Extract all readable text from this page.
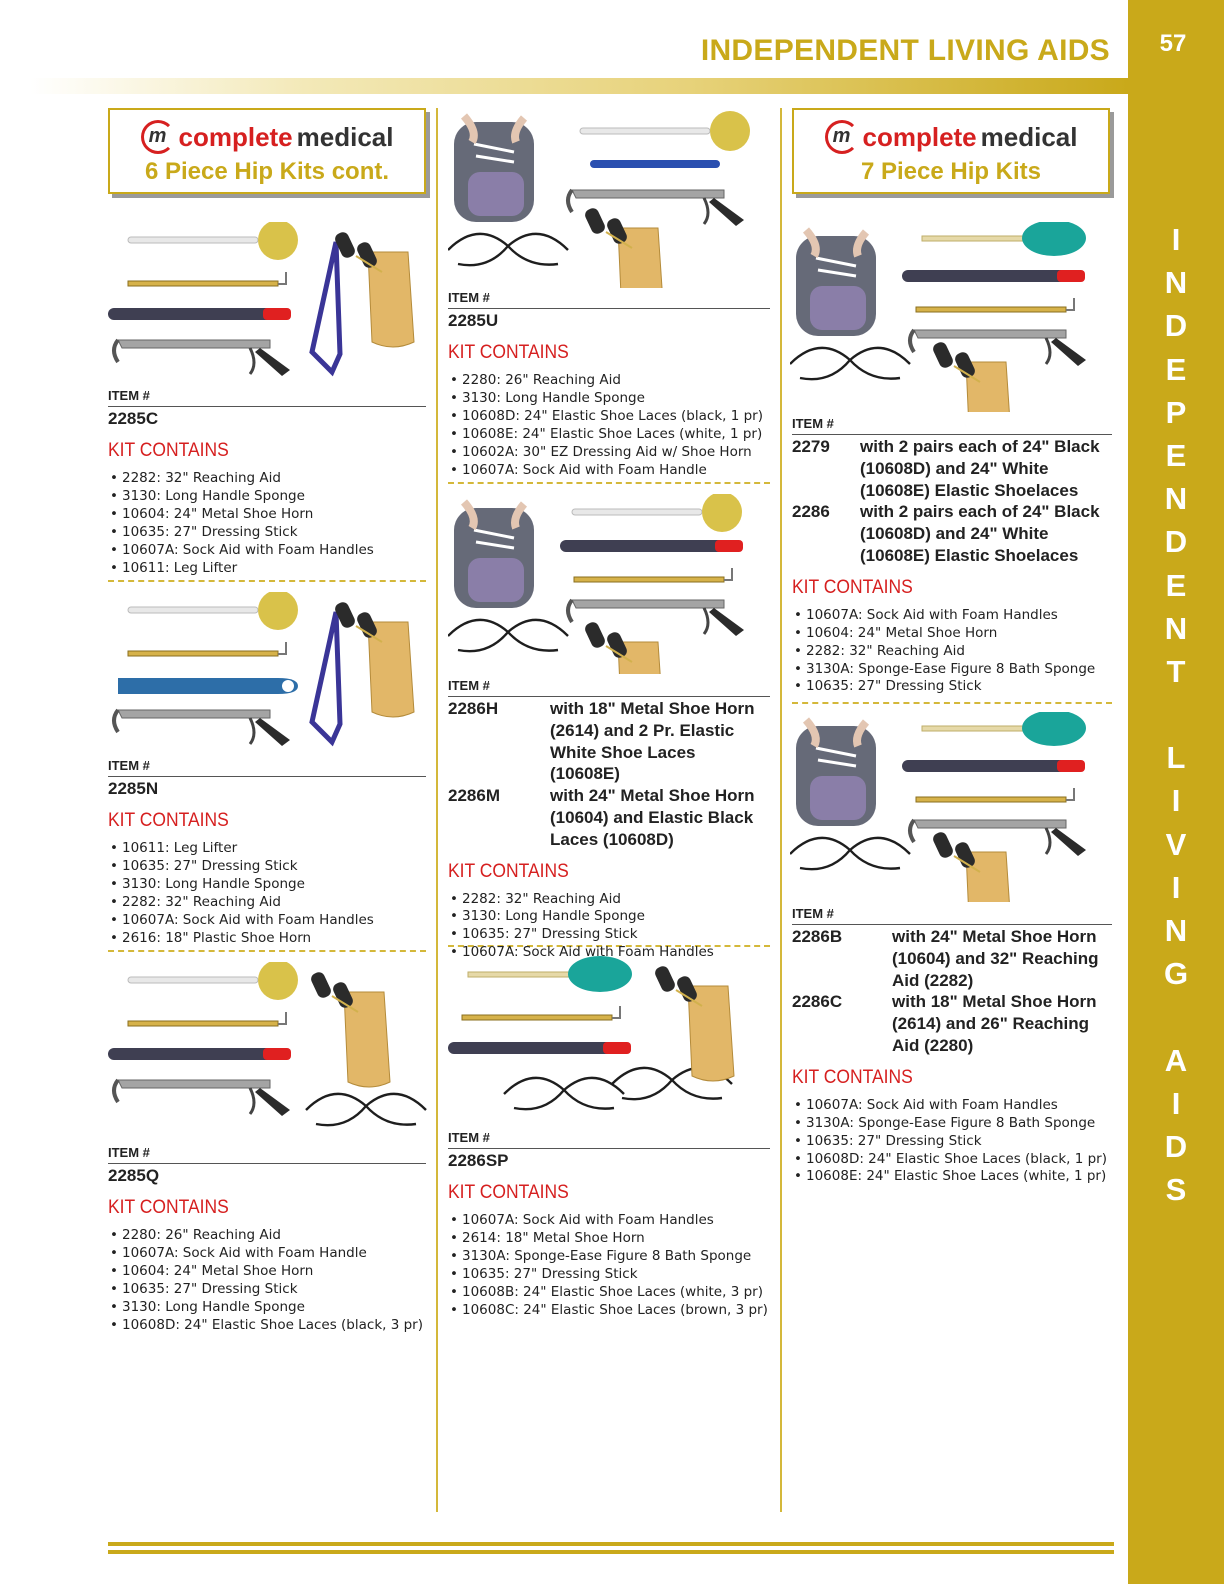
INDEPENDENT LIVING AIDS	57
I
N
D
E
P
E
N
D
E
N
T

L
I
V
I
N
G

A
I
D
S
m complete medical
6 Piece Hip Kits cont.
m complete medical
7 Piece Hip Kits
ITEM #
2285C
KIT CONTAINS
• 2282: 32" Reaching Aid
• 3130: Long Handle Sponge
• 10604: 24" Metal Shoe Horn
• 10635: 27" Dressing Stick
• 10607A: Sock Aid with Foam Handles
• 10611: Leg Lifter
ITEM #
2285N
KIT CONTAINS
• 10611: Leg Lifter
• 10635: 27" Dressing Stick
• 3130: Long Handle Sponge
• 2282: 32" Reaching Aid
• 10607A: Sock Aid with Foam Handles
• 2616: 18" Plastic Shoe Horn
ITEM #
2285Q
KIT CONTAINS
• 2280: 26" Reaching Aid
• 10607A: Sock Aid with Foam Handle
• 10604: 24" Metal Shoe Horn
• 10635: 27" Dressing Stick
• 3130: Long Handle Sponge
• 10608D: 24" Elastic Shoe Laces (black, 3 pr)
ITEM #
2285U
KIT CONTAINS
• 2280: 26" Reaching Aid
• 3130: Long Handle Sponge
• 10608D: 24" Elastic Shoe Laces (black, 1 pr)
• 10608E: 24" Elastic Shoe Laces (white, 1 pr)
• 10602A: 30" EZ Dressing Aid w/ Shoe Horn
• 10607A: Sock Aid with Foam Handle
ITEM #
2286H	with 18" Metal Shoe Horn
(2614) and 2 Pr. Elastic
White Shoe Laces (10608E)
2286M	with 24" Metal Shoe Horn
(10604) and Elastic Black
Laces (10608D)
KIT CONTAINS
• 2282: 32" Reaching Aid
• 3130: Long Handle Sponge
• 10635: 27" Dressing Stick
• 10607A: Sock Aid with Foam Handles
ITEM #
2286SP
KIT CONTAINS
• 10607A: Sock Aid with Foam Handles
• 2614: 18" Metal Shoe Horn
• 3130A: Sponge-Ease Figure 8 Bath Sponge
• 10635: 27" Dressing Stick
• 10608B: 24" Elastic Shoe Laces (white, 3 pr)
• 10608C: 24" Elastic Shoe Laces (brown, 3 pr)
ITEM #
2279	with 2 pairs each of 24" Black
(10608D) and 24" White
(10608E) Elastic Shoelaces
2286	with 2 pairs each of 24" Black
(10608D) and 24" White
(10608E) Elastic Shoelaces
KIT CONTAINS
• 10607A: Sock Aid with Foam Handles
• 10604: 24" Metal Shoe Horn
• 2282: 32" Reaching Aid
• 3130A: Sponge-Ease Figure 8 Bath Sponge
• 10635: 27" Dressing Stick
ITEM #
2286B	with 24" Metal Shoe Horn
(10604) and 32" Reaching
Aid (2282)
2286C	with 18" Metal Shoe Horn
(2614) and 26" Reaching
Aid (2280)
KIT CONTAINS
• 10607A: Sock Aid with Foam Handles
• 3130A: Sponge-Ease Figure 8 Bath Sponge
• 10635: 27" Dressing Stick
• 10608D: 24" Elastic Shoe Laces (black, 1 pr)
• 10608E: 24" Elastic Shoe Laces (white, 1 pr)
